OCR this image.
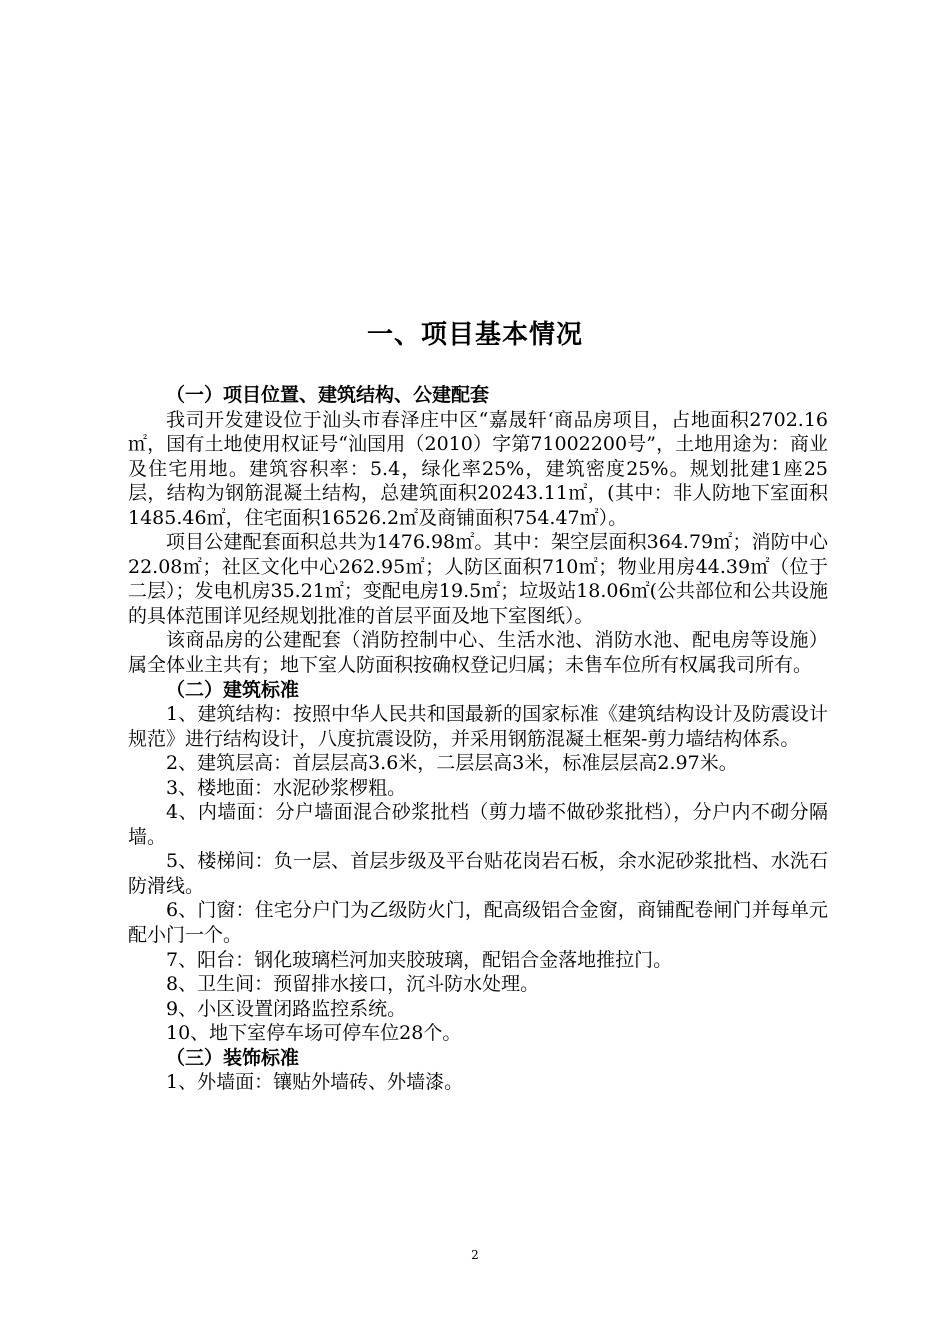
一、项目基本情况
（一）项目位置、建筑结构、公建配套

我司开发建设位于汕头市春泽庄中区“嘉晟轩‘商品房项目，占地面积2702.16㎡，国有土地使用权证号“汕国用（2010）字第71002200号”，土地用途为：商业及住宅用地。建筑容积率：5.4，绿化率25%，建筑密度25%。规划批建1座25层，结构为钢筋混凝土结构，总建筑面积20243.11㎡，(其中：非人防地下室面积1485.46㎡，住宅面积16526.2㎡及商铺面积754.47㎡）。

项目公建配套面积总共为1476.98㎡。其中：架空层面积364.79㎡；消防中心22.08㎡；社区文化中心262.95㎡；人防区面积710㎡；物业用房44.39㎡（位于二层）；发电机房35.21㎡；变配电房19.5㎡；垃圾站18.06㎡(公共部位和公共设施的具体范围详见经规划批准的首层平面及地下室图纸）。

该商品房的公建配套（消防控制中心、生活水池、消防水池、配电房等设施）属全体业主共有；地下室人防面积按确权登记归属；未售车位所有权属我司所有。

（二）建筑标准

1、建筑结构：按照中华人民共和国最新的国家标准《建筑结构设计及防震设计规范》进行结构设计，八度抗震设防，并采用钢筋混凝土框架-剪力墙结构体系。

2、建筑层高：首层层高3.6米，二层层高3米，标准层层高2.97米。

3、楼地面：水泥砂浆椤粗。

4、内墙面：分户墙面混合砂浆批档（剪力墙不做砂浆批档），分户内不砌分隔墙。

5、楼梯间：负一层、首层步级及平台贴花岗岩石板，余水泥砂浆批档、水洗石防滑线。

6、门窗：住宅分户门为乙级防火门，配高级铝合金窗，商铺配卷闸门并每单元配小门一个。

7、阳台：钢化玻璃栏河加夹胶玻璃，配铝合金落地推拉门。

8、卫生间：预留排水接口，沉斗防水处理。

9、小区设置闭路监控系统。

10、地下室停车场可停车位28个。

（三）装饰标准

1、外墙面：镶贴外墙砖、外墙漆。

2
